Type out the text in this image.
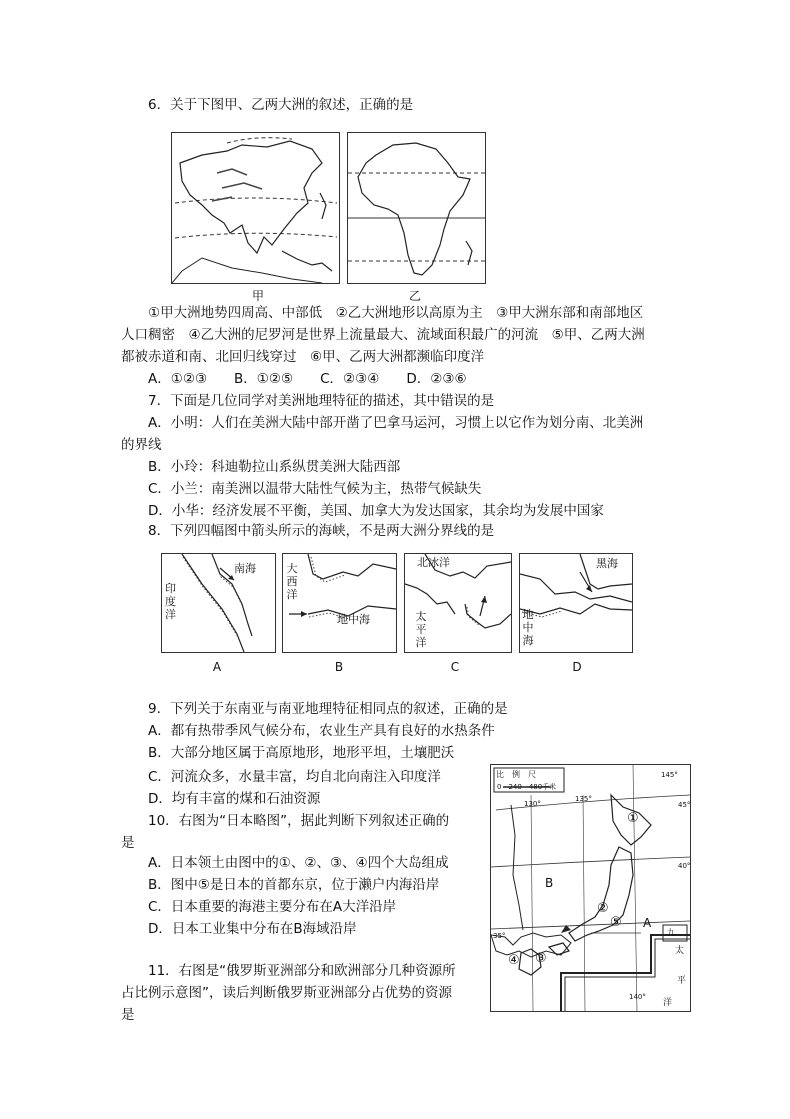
6．关于下图甲、乙两大洲的叙述，正确的是
甲	乙
①甲大洲地势四周高、中部低　②乙大洲地形以高原为主　③甲大洲东部和南部地区
人口稠密　④乙大洲的尼罗河是世界上流量最大、流域面积最广的河流　⑤甲、乙两大洲
都被赤道和南、北回归线穿过　⑥甲、乙两大洲都濒临印度洋
A．①②③　　B．①②⑤　　C．②③④　　D．②③⑥
7．下面是几位同学对美洲地理特征的描述，其中错误的是
A．小明：人们在美洲大陆中部开凿了巴拿马运河，习惯上以它作为划分南、北美洲
的界线
B．小玲：科迪勒拉山系纵贯美洲大陆西部
C．小兰：南美洲以温带大陆性气候为主，热带气候缺失
D．小华：经济发展不平衡，美国、加拿大为发达国家，其余均为发展中国家
8．下列四幅图中箭头所示的海峡，不是两大洲分界线的是
南海
印度洋
大西洋
地中海
北冰洋
太平洋
黑海
地中海
A	B	C	D
9．下列关于东南亚与南亚地理特征相同点的叙述，正确的是
A．都有热带季风气候分布，农业生产具有良好的水热条件
B．大部分地区属于高原地形，地形平坦，土壤肥沃
C．河流众多，水量丰富，均自北向南注入印度洋
D．均有丰富的煤和石油资源
10．右图为“日本略图”，据此判断下列叙述正确的
是
A．日本领土由图中的①、②、③、④四个大岛组成
B．图中⑤是日本的首都东京，位于濑户内海沿岸
C．日本重要的海港主要分布在A大洋沿岸
D．日本工业集中分布在B海域沿岸
11．右图是“俄罗斯亚洲部分和欧洲部分几种资源所
占比例示意图”，读后判断俄罗斯亚洲部分占优势的资源
是
比　例　尺
0　240　480千米
130°
135°
140°
145°
45°
40°
35°
A
B
①
②
③
④
⑤
九
太
平
洋
